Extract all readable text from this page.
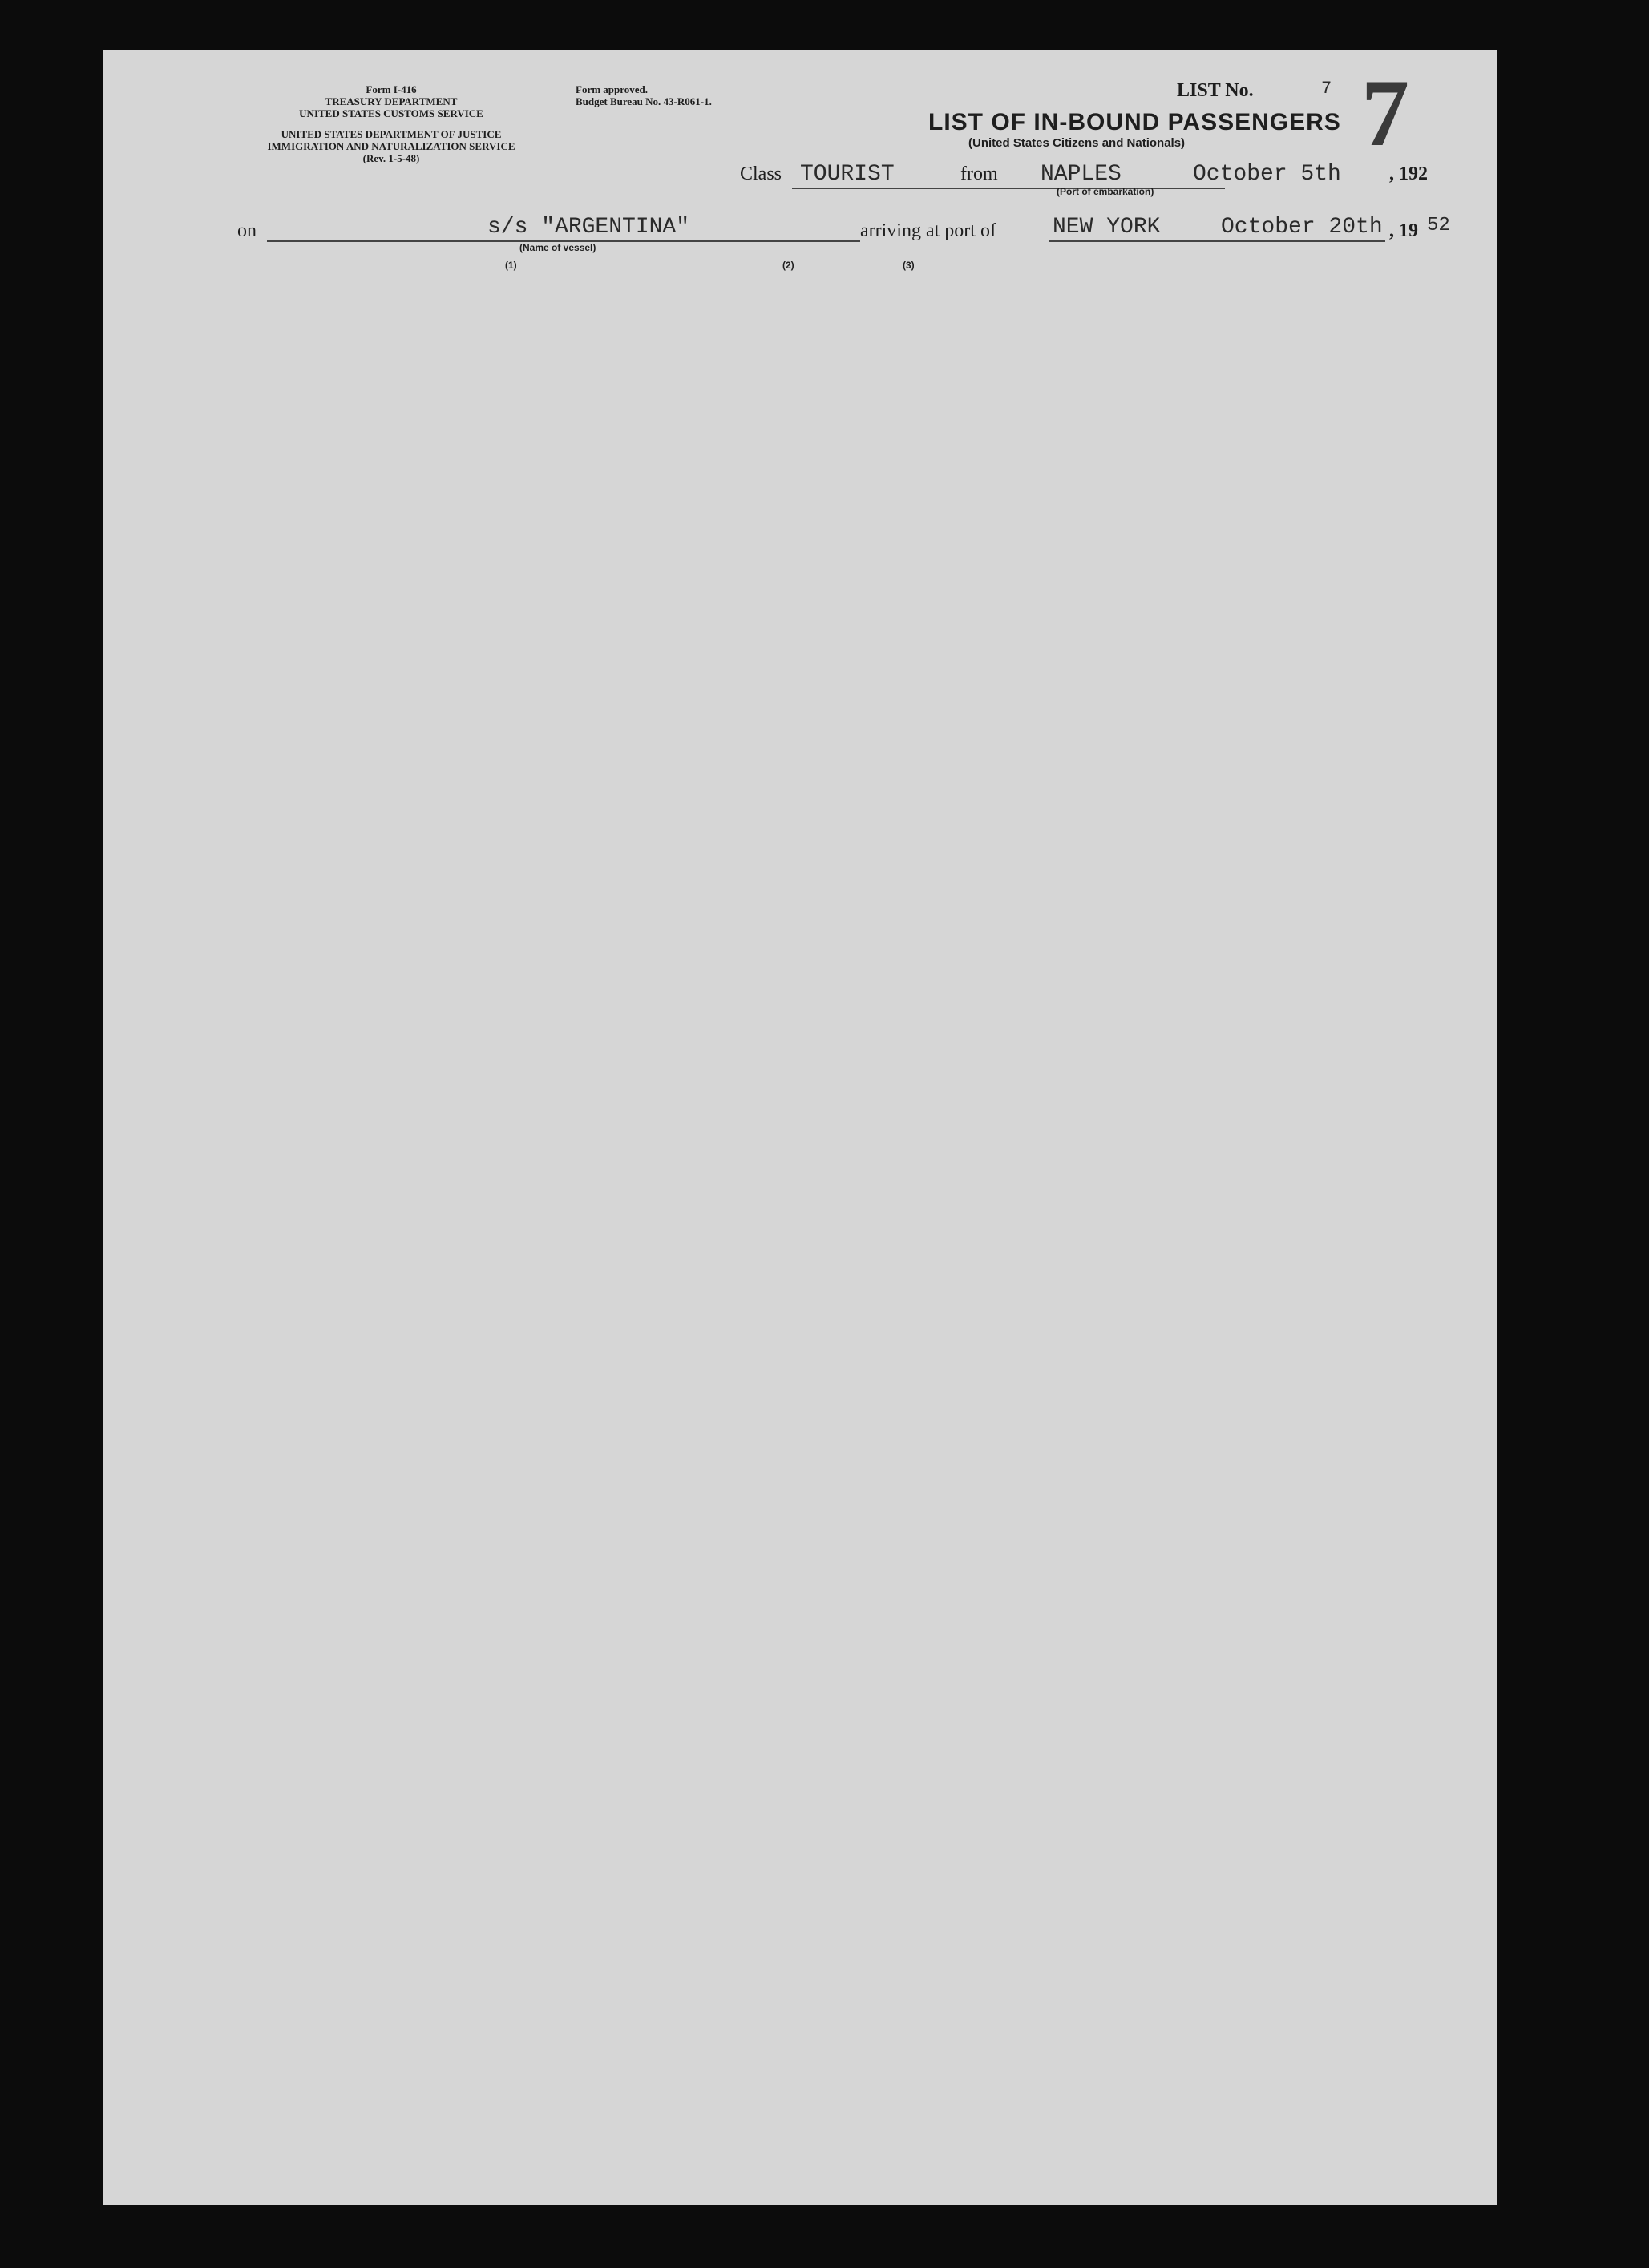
Form I-416
TREASURY DEPARTMENT
UNITED STATES CUSTOMS SERVICE
UNITED STATES DEPARTMENT OF JUSTICE
IMMIGRATION AND NATURALIZATION SERVICE
(Rev. 1-5-48)
Form approved.
Budget Bureau No. 43-R061-1.
LIST No.	7 7
LIST OF IN-BOUND PASSENGERS
(United States Citizens and Nationals)
Class TOURIST	from NAPLES	October 5th	, 192
(Port of embarkation)
on	s/s "ARGENTINA"
(Name of vessel)
arriving at port of	NEW YORK	October 20th , 19 52
(1)	(2)	(3)
